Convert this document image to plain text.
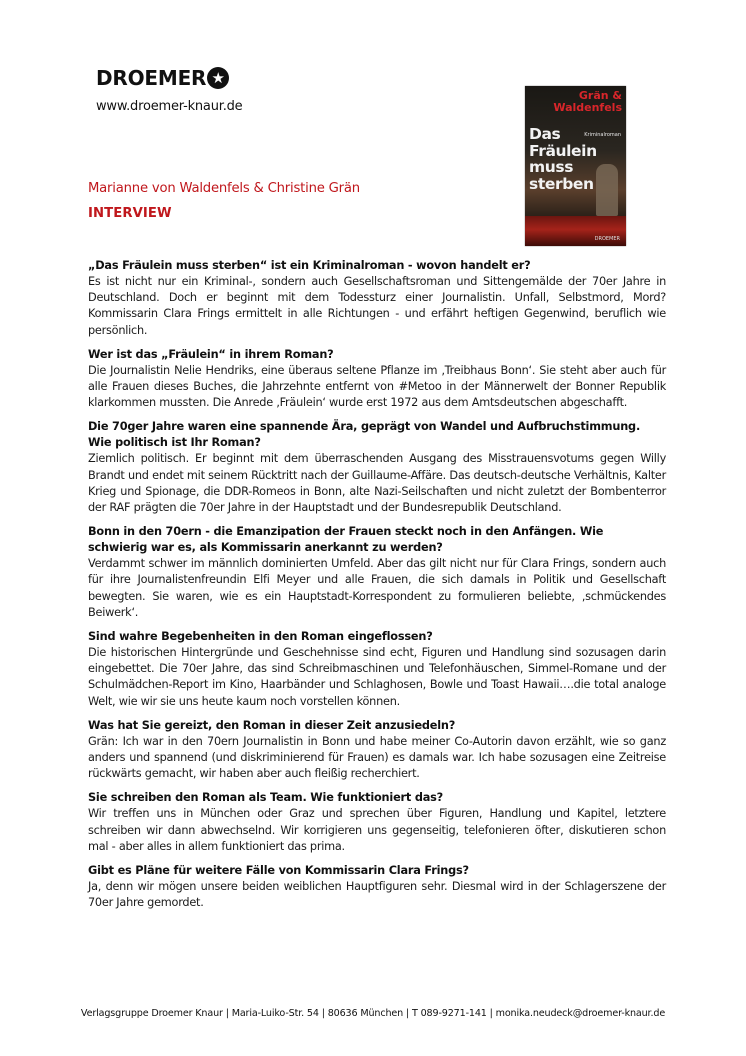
DROEMER ★
www.droemer-knaur.de
Grän &
Waldenfels
Kriminalroman
Das
Fräulein
muss
sterben
DROEMER
Marianne von Waldenfels & Christine Grän
INTERVIEW
„Das Fräulein muss sterben“ ist ein Kriminalroman - wovon handelt er?
Es ist nicht nur ein Kriminal-, sondern auch Gesellschaftsroman und Sittengemälde der 70er Jahre in Deutschland. Doch er beginnt mit dem Todessturz einer Journalistin. Unfall, Selbstmord, Mord? Kommissarin Clara Frings ermittelt in alle Richtungen - und erfährt heftigen Gegenwind, beruflich wie persönlich.
Wer ist das „Fräulein“ in ihrem Roman?
Die Journalistin Nelie Hendriks, eine überaus seltene Pflanze im ‚Treibhaus Bonn‘. Sie steht aber auch für alle Frauen dieses Buches, die Jahrzehnte entfernt von #Metoo in der Männerwelt der Bonner Republik klarkommen mussten. Die Anrede ‚Fräulein‘ wurde erst 1972 aus dem Amtsdeutschen abgeschafft.
Die 70ger Jahre waren eine spannende Ära, geprägt von Wandel und Aufbruchstimmung. Wie politisch ist Ihr Roman?
Ziemlich politisch. Er beginnt mit dem überraschenden Ausgang des Misstrauensvotums gegen Willy Brandt und endet mit seinem Rücktritt nach der Guillaume-Affäre. Das deutsch-deutsche Verhältnis, Kalter Krieg und Spionage, die DDR-Romeos in Bonn, alte Nazi-Seilschaften und nicht zuletzt der Bombenterror der RAF prägten die 70er Jahre in der Hauptstadt und der Bundesrepublik Deutschland.
Bonn in den 70ern - die Emanzipation der Frauen steckt noch in den Anfängen. Wie schwierig war es, als Kommissarin anerkannt zu werden?
Verdammt schwer im männlich dominierten Umfeld. Aber das gilt nicht nur für Clara Frings, sondern auch für ihre Journalistenfreundin Elfi Meyer und alle Frauen, die sich damals in Politik und Gesellschaft bewegten. Sie waren, wie es ein Hauptstadt-Korrespondent zu formulieren beliebte, ‚schmückendes Beiwerk‘.
Sind wahre Begebenheiten in den Roman eingeflossen?
Die historischen Hintergründe und Geschehnisse sind echt, Figuren und Handlung sind sozusagen darin eingebettet. Die 70er Jahre, das sind Schreibmaschinen und Telefonhäuschen, Simmel-Romane und der Schulmädchen-Report im Kino, Haarbänder und Schlaghosen, Bowle und Toast Hawaii….die total analoge Welt, wie wir sie uns heute kaum noch vorstellen können.
Was hat Sie gereizt, den Roman in dieser Zeit anzusiedeln?
Grän: Ich war in den 70ern Journalistin in Bonn und habe meiner Co-Autorin davon erzählt, wie so ganz anders und spannend (und diskriminierend für Frauen) es damals war. Ich habe sozusagen eine Zeitreise rückwärts gemacht, wir haben aber auch fleißig recherchiert.
Sie schreiben den Roman als Team. Wie funktioniert das?
Wir treffen uns in München oder Graz und sprechen über Figuren, Handlung und Kapitel, letztere schreiben wir dann abwechselnd. Wir korrigieren uns gegenseitig, telefonieren öfter, diskutieren schon mal - aber alles in allem funktioniert das prima.
Gibt es Pläne für weitere Fälle von Kommissarin Clara Frings?
Ja, denn wir mögen unsere beiden weiblichen Hauptfiguren sehr. Diesmal wird in der Schlagerszene der 70er Jahre gemordet.
Verlagsgruppe Droemer Knaur | Maria-Luiko-Str. 54 | 80636 München | T 089-9271-141 | monika.neudeck@droemer-knaur.de
